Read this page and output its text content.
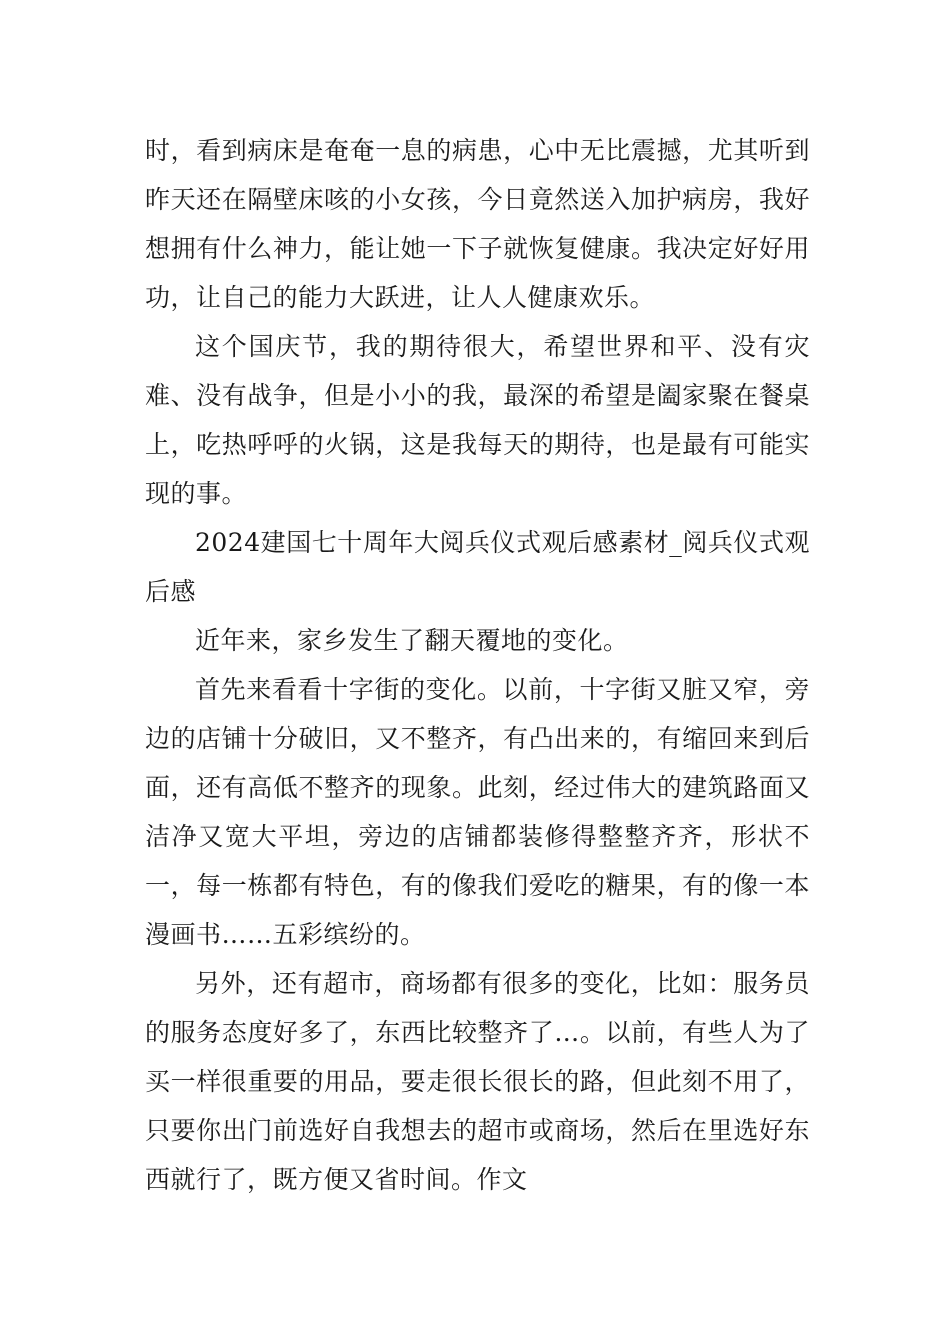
时，看到病床是奄奄一息的病患，心中无比震撼，尤其听到昨天还在隔壁床咳的小女孩，今日竟然送入加护病房，我好想拥有什么神力，能让她一下子就恢复健康。我决定好好用功，让自己的能力大跃进，让人人健康欢乐。

这个国庆节，我的期待很大，希望世界和平、没有灾难、没有战争，但是小小的我，最深的希望是阖家聚在餐桌上，吃热呼呼的火锅，这是我每天的期待，也是最有可能实现的事。

2024建国七十周年大阅兵仪式观后感素材_阅兵仪式观后感

近年来，家乡发生了翻天覆地的变化。

首先来看看十字街的变化。以前，十字街又脏又窄，旁边的店铺十分破旧，又不整齐，有凸出来的，有缩回来到后面，还有高低不整齐的现象。此刻，经过伟大的建筑路面又洁净又宽大平坦，旁边的店铺都装修得整整齐齐，形状不一，每一栋都有特色，有的像我们爱吃的糖果，有的像一本漫画书……五彩缤纷的。

另外，还有超市，商场都有很多的变化，比如：服务员的服务态度好多了，东西比较整齐了…。以前，有些人为了买一样很重要的用品，要走很长很长的路，但此刻不用了，只要你出门前选好自我想去的超市或商场，然后在里选好东西就行了，既方便又省时间。作文
